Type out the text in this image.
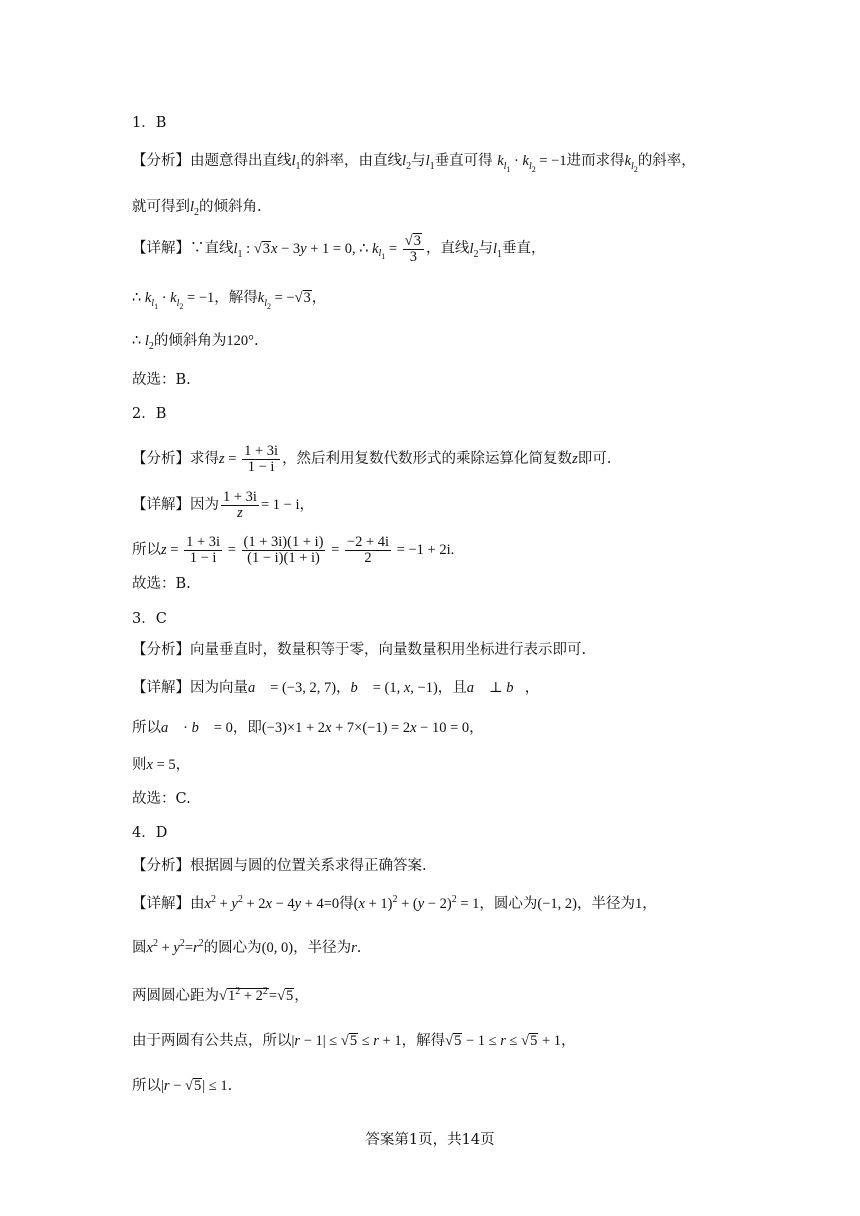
1．B
【分析】由题意得出直线$l_1$的斜率，由直线$l_2$与$l_1$垂直可得 $k_{l_1} \cdot k_{l_2} = -1$进而求得$k_{l_2}$的斜率，
就可得到$l_2$的倾斜角.
【详解】∵直线$l_1$ : √3x − 3y + 1 = 0, ∴ $k_{l_1} = \frac{√3}{3}$ ，直线$l_2$与$l_1$垂直，
∴ $k_{l_1} \cdot k_{l_2} = -1$，解得$k_{l_2} = -√3$，
∴ $l_2$的倾斜角为120°.
故选：B.
2．B
【分析】求得$z = \frac{1 + 3i}{1 - i}$ ，然后利用复数代数形式的乘除运算化简复数z即可.
【详解】因为 $\frac{1 + 3i}{z} = 1 - i$，
所以$z = \frac{1 + 3i}{1 - i} = \frac{(1 + 3i)(1 + i)}{(1 - i)(1 + i)} = \frac{-2 + 4i}{2} = -1 + 2i$.
故选：B.
3．C
【分析】向量垂直时，数量积等于零，向量数量积用坐标进行表示即可.
【详解】因为向量a⃗ = (−3, 2, 7)，b⃗ = (1, x, −1)，且a⃗ ⊥ b⃗，
所以a⃗ · b⃗ = 0，即(−3)×1 + 2x + 7×(−1) = 2x − 10 = 0，
则x = 5，
故选：C.
4．D
【分析】根据圆与圆的位置关系求得正确答案.
【详解】由$x^2 + y^2 + 2x - 4y + 4=0$得$(x + 1)^2 + (y - 2)^2 = 1$，圆心为(−1, 2)，半径为1，
圆$x^2 + y^2=r^2$的圆心为(0, 0)，半径为r.
两圆圆心距为$√1^2 + 2^2=√5$，
由于两圆有公共点，所以|r − 1| ≤ √5 ≤ r + 1，解得√5 − 1 ≤ r ≤ √5 + 1，
所以|r − √5| ≤ 1.
答案第1页，共14页
